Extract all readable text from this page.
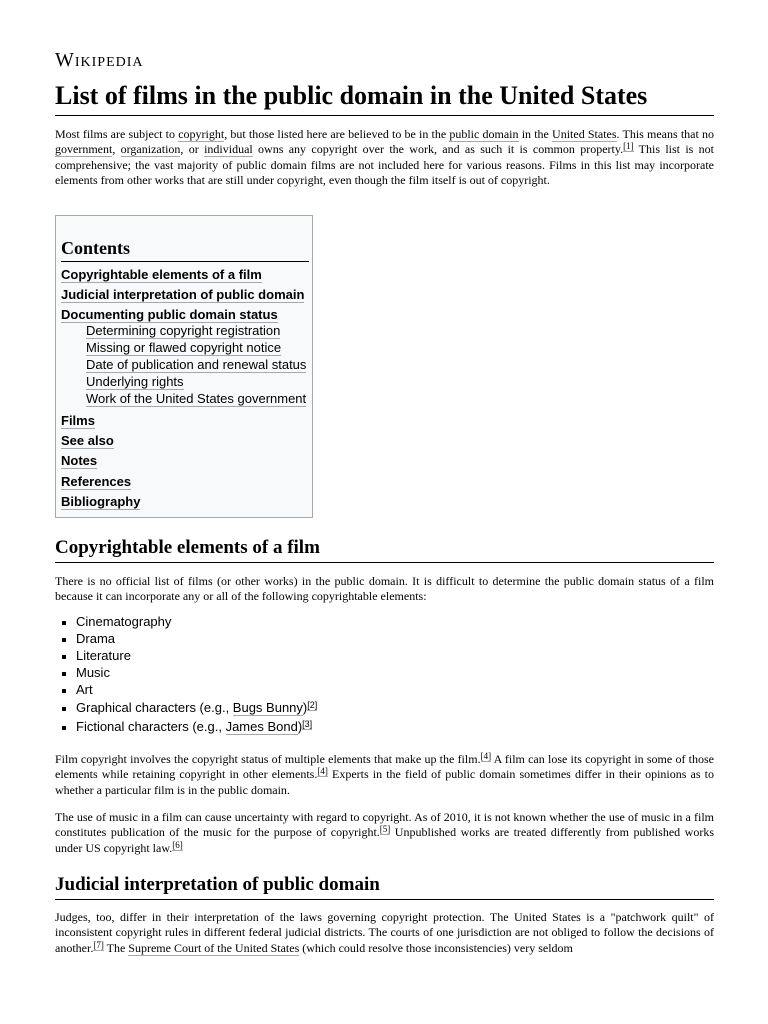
Wikipedia
List of films in the public domain in the United States

Most films are subject to copyright, but those listed here are believed to be in the public domain in the United States. This means that no government, organization, or individual owns any copyright over the work, and as such it is common property.[1] This list is not comprehensive; the vast majority of public domain films are not included here for various reasons. Films in this list may incorporate elements from other works that are still under copyright, even though the film itself is out of copyright.

Contents
Copyrightable elements of a film
Judicial interpretation of public domain
Documenting public domain status
Determining copyright registration
Missing or flawed copyright notice
Date of publication and renewal status
Underlying rights
Work of the United States government
Films
See also
Notes
References
Bibliography
Copyrightable elements of a film

There is no official list of films (or other works) in the public domain. It is difficult to determine the public domain status of a film because it can incorporate any or all of the following copyrightable elements:

Cinematography
Drama
Literature
Music
Art
Graphical characters (e.g., Bugs Bunny)[2]
Fictional characters (e.g., James Bond)[3]

Film copyright involves the copyright status of multiple elements that make up the film.[4] A film can lose its copyright in some of those elements while retaining copyright in other elements.[4] Experts in the field of public domain sometimes differ in their opinions as to whether a particular film is in the public domain.

The use of music in a film can cause uncertainty with regard to copyright. As of 2010, it is not known whether the use of music in a film constitutes publication of the music for the purpose of copyright.[5] Unpublished works are treated differently from published works under US copyright law.[6]

Judicial interpretation of public domain

Judges, too, differ in their interpretation of the laws governing copyright protection. The United States is a "patchwork quilt" of inconsistent copyright rules in different federal judicial districts. The courts of one jurisdiction are not obliged to follow the decisions of another.[7] The Supreme Court of the United States (which could resolve those inconsistencies) very seldom
